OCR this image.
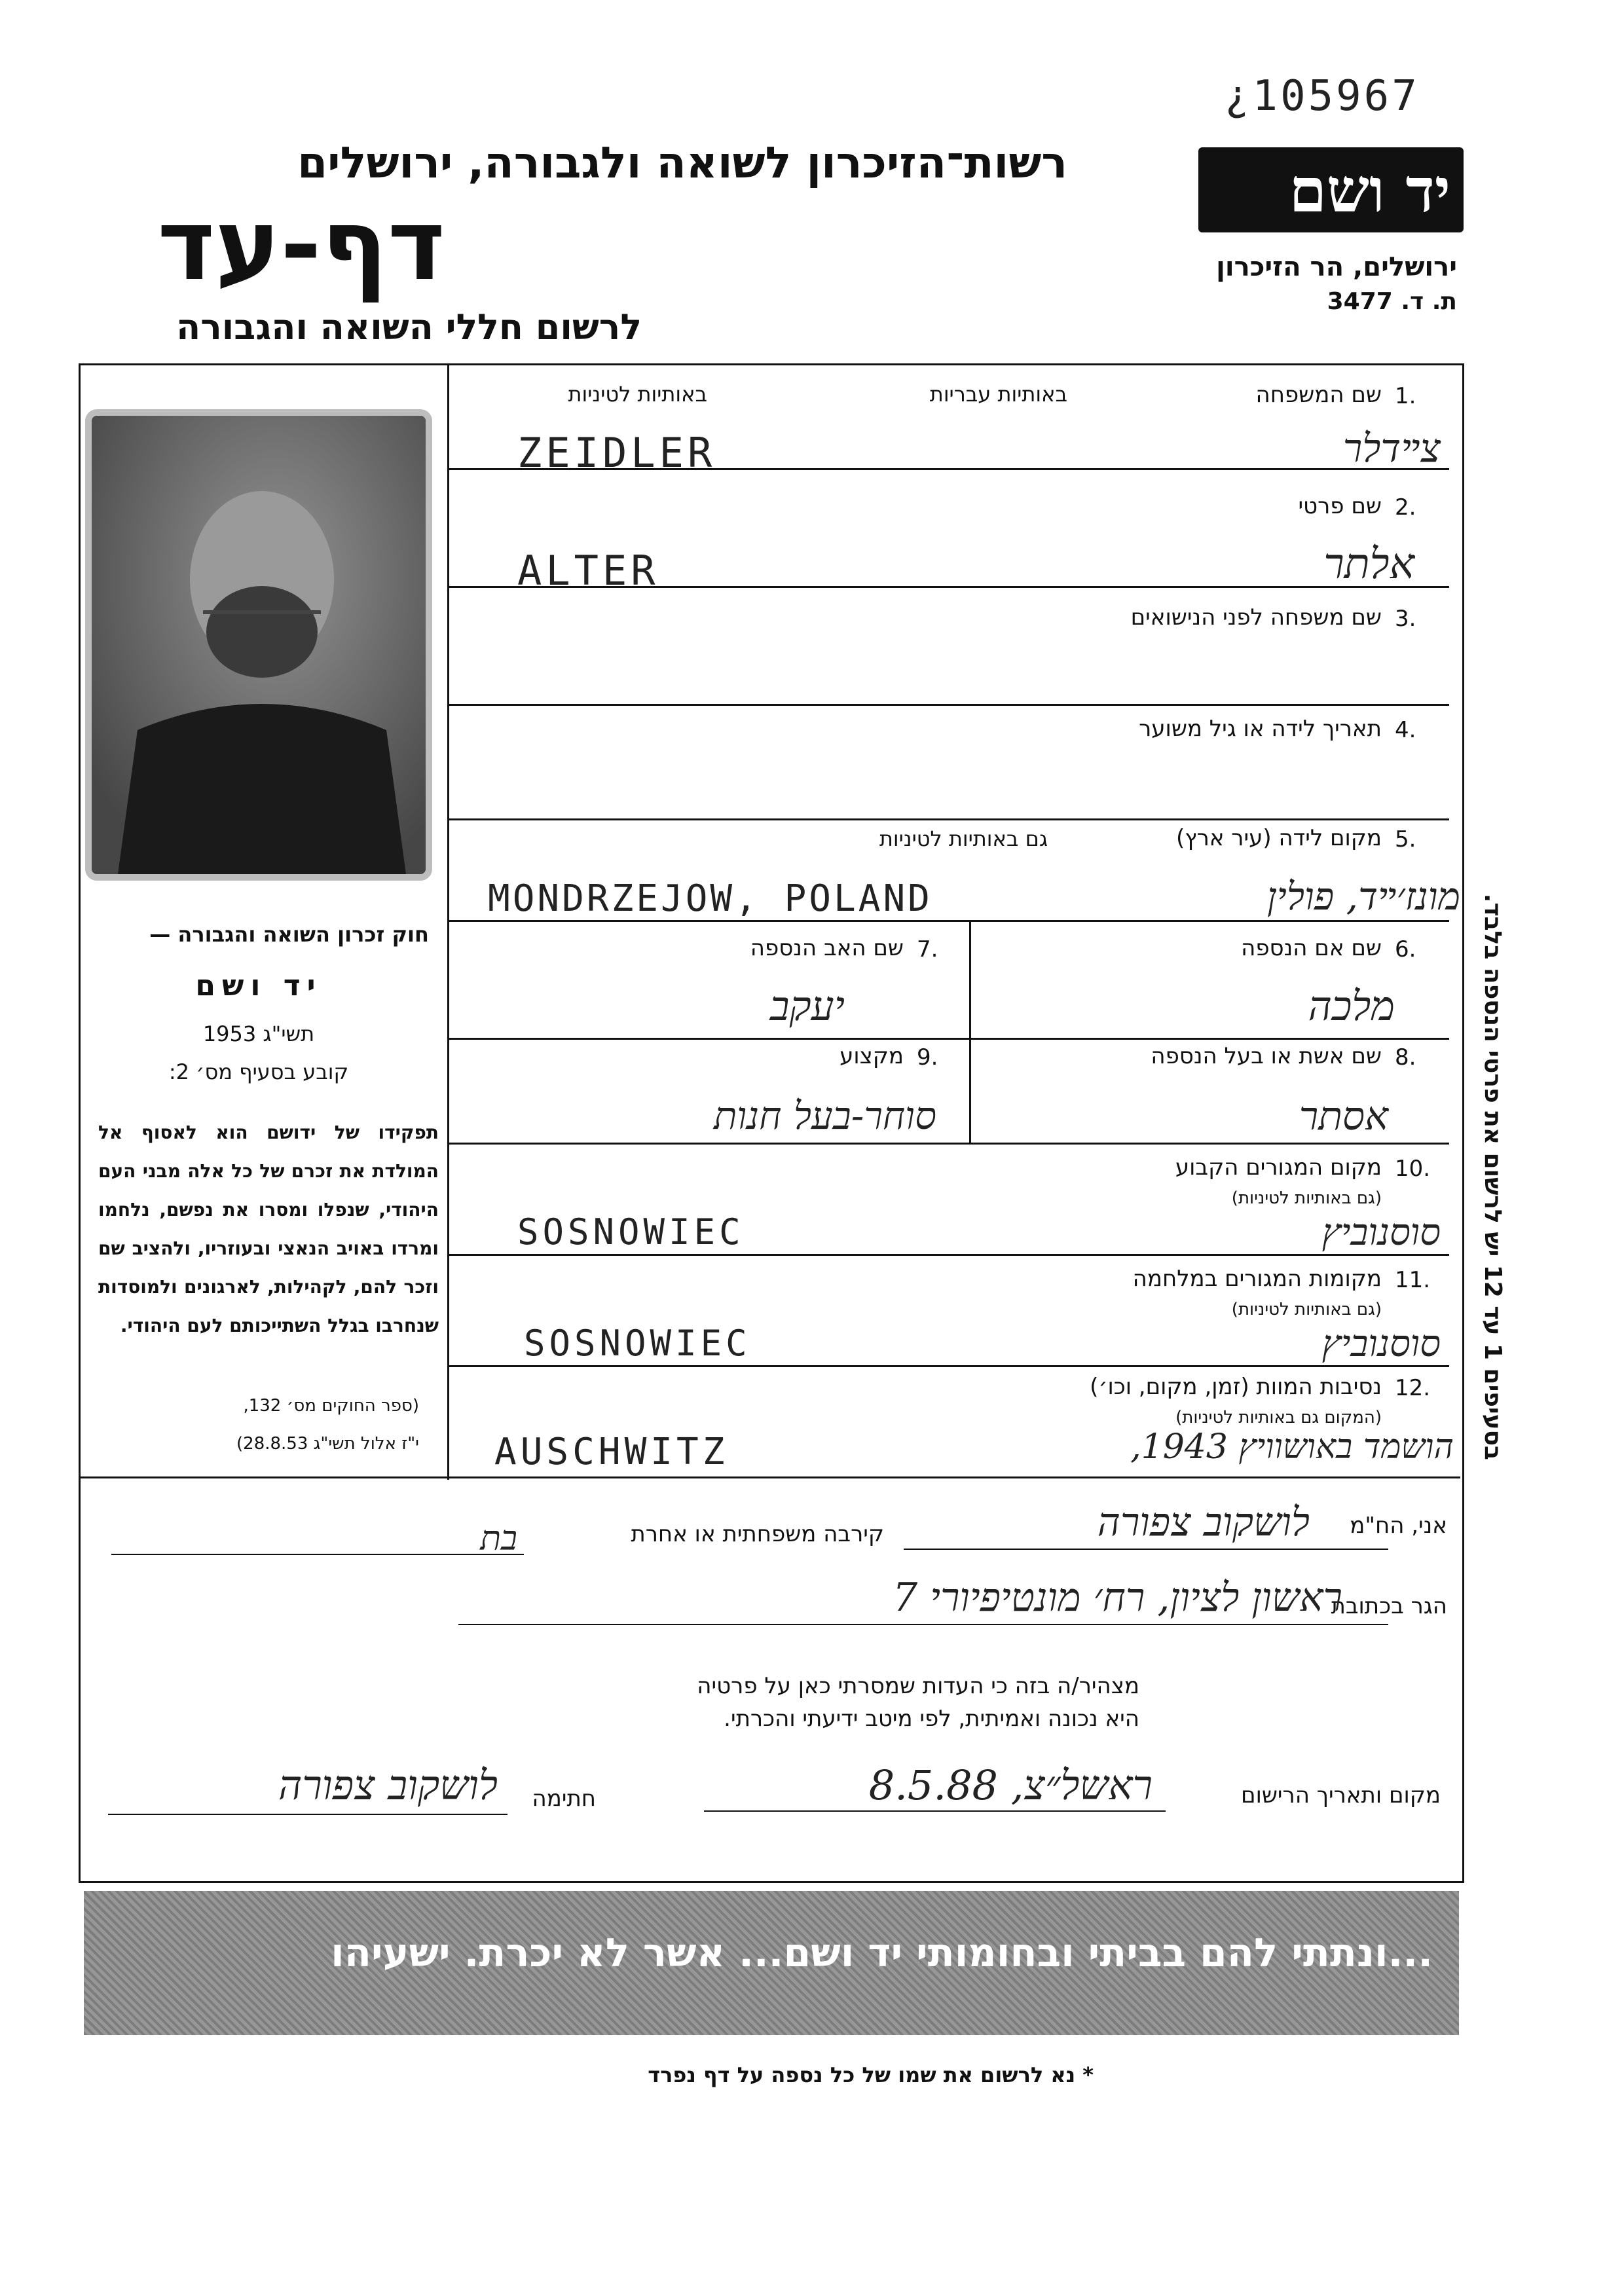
¿105967
רשות־הזיכרון לשואה ולגבורה, ירושלים
דף-עד
לרשום חללי השואה והגבורה
יד ושם
ירושלים, הר הזיכרון
ת. ד. 3477
חוק זכרון השואה והגבורה —
יד ושם
תשי"ג 1953
קובע בסעיף מס׳ 2:
תפקידו של ידושם הוא לאסוף אל המולדת את זכרם של כל אלה מבני העם היהודי, שנפלו ומסרו את נפשם, נלחמו ומרדו באויב הנאצי ובעוזריו, ולהציב שם וזכר להם, לקהילות, לארגונים ולמוסדות שנחרבו בגלל השתייכותם לעם היהודי.
(ספר החוקים מס׳ 132,
י"ז אלול תשי"ג 28.8.53)
1.
שם המשפחה
באותיות עבריות
באותיות לטיניות
ZEIDLER	צײדלר
2.
שם פרטי
ALTER	אלתר
3.
שם משפחה לפני הנישואים
4.
תאריך לידה או גיל משוער
5.
מקום לידה (עיר ארץ)
גם באותיות לטיניות
MONDRZEJOW, POLAND	מונז׳ײד, פולין
6.
שם אם הנספה
מלכה
7.
שם האב הנספה
יעקב
8.
שם אשת או בעל הנספה
אסתר
9.
מקצוע
סוחר-בעל חנות
10.
מקום המגורים הקבוע
(גם באותיות לטיניות)
SOSNOWIEC	סוסנוביץ
11.
מקומות המגורים במלחמה
(גם באותיות לטיניות)
SOSNOWIEC	סוסנוביץ
12.
נסיבות המוות (זמן, מקום, וכו׳)
(המקום גם באותיות לטיניות)
AUSCHWITZ	הושמד באושוויץ 1943,
אני, הח"מ
לושקוב צפורה
קירבה משפחתית או אחרת
בת
הגר בכתובת
ראשון לציון, רח׳ מונטיפיורי 7
מצהיר/ה בזה כי העדות שמסרתי כאן על פרטיה
היא נכונה ואמיתית, לפי מיטב ידיעתי והכרתי.
מקום ותאריך הרישום
ראשל״צ, 8.5.88
חתימה
לושקוב צפורה
בסעיפים 1 עד 12 יש לרשום את פרטי הנספה בלבד.
...ונתתי להם בביתי ובחומותי יד ושם... אשר לא יכרת. ישעיהו
* נא לרשום את שמו של כל נספה על דף נפרד
